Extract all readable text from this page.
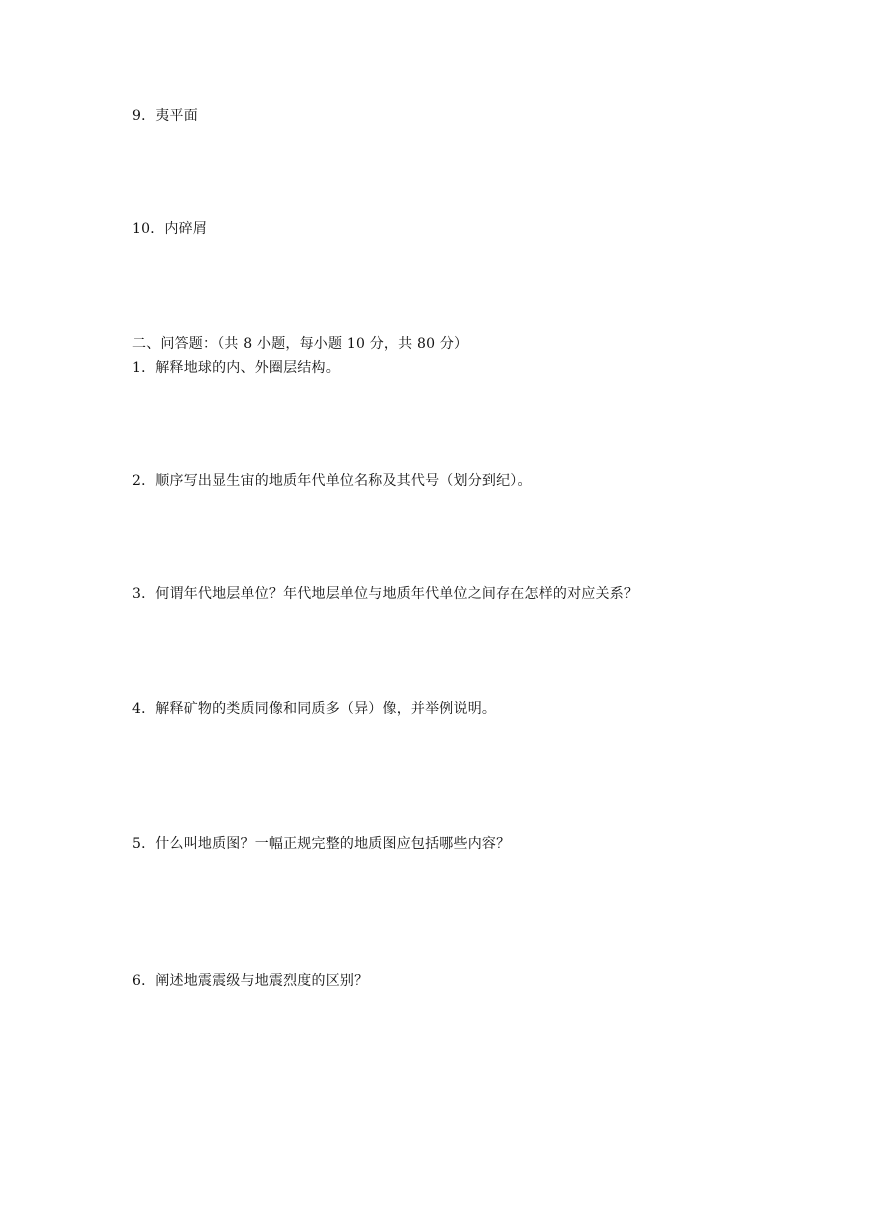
9．夷平面
10．内碎屑
二、问答题：（共 8 小题，每小题 10 分，共 80 分）
1．解释地球的内、外圈层结构。
2．顺序写出显生宙的地质年代单位名称及其代号（划分到纪）。
3．何谓年代地层单位？年代地层单位与地质年代单位之间存在怎样的对应关系？
4．解释矿物的类质同像和同质多（异）像，并举例说明。
5．什么叫地质图？一幅正规完整的地质图应包括哪些内容？
6．阐述地震震级与地震烈度的区别？
